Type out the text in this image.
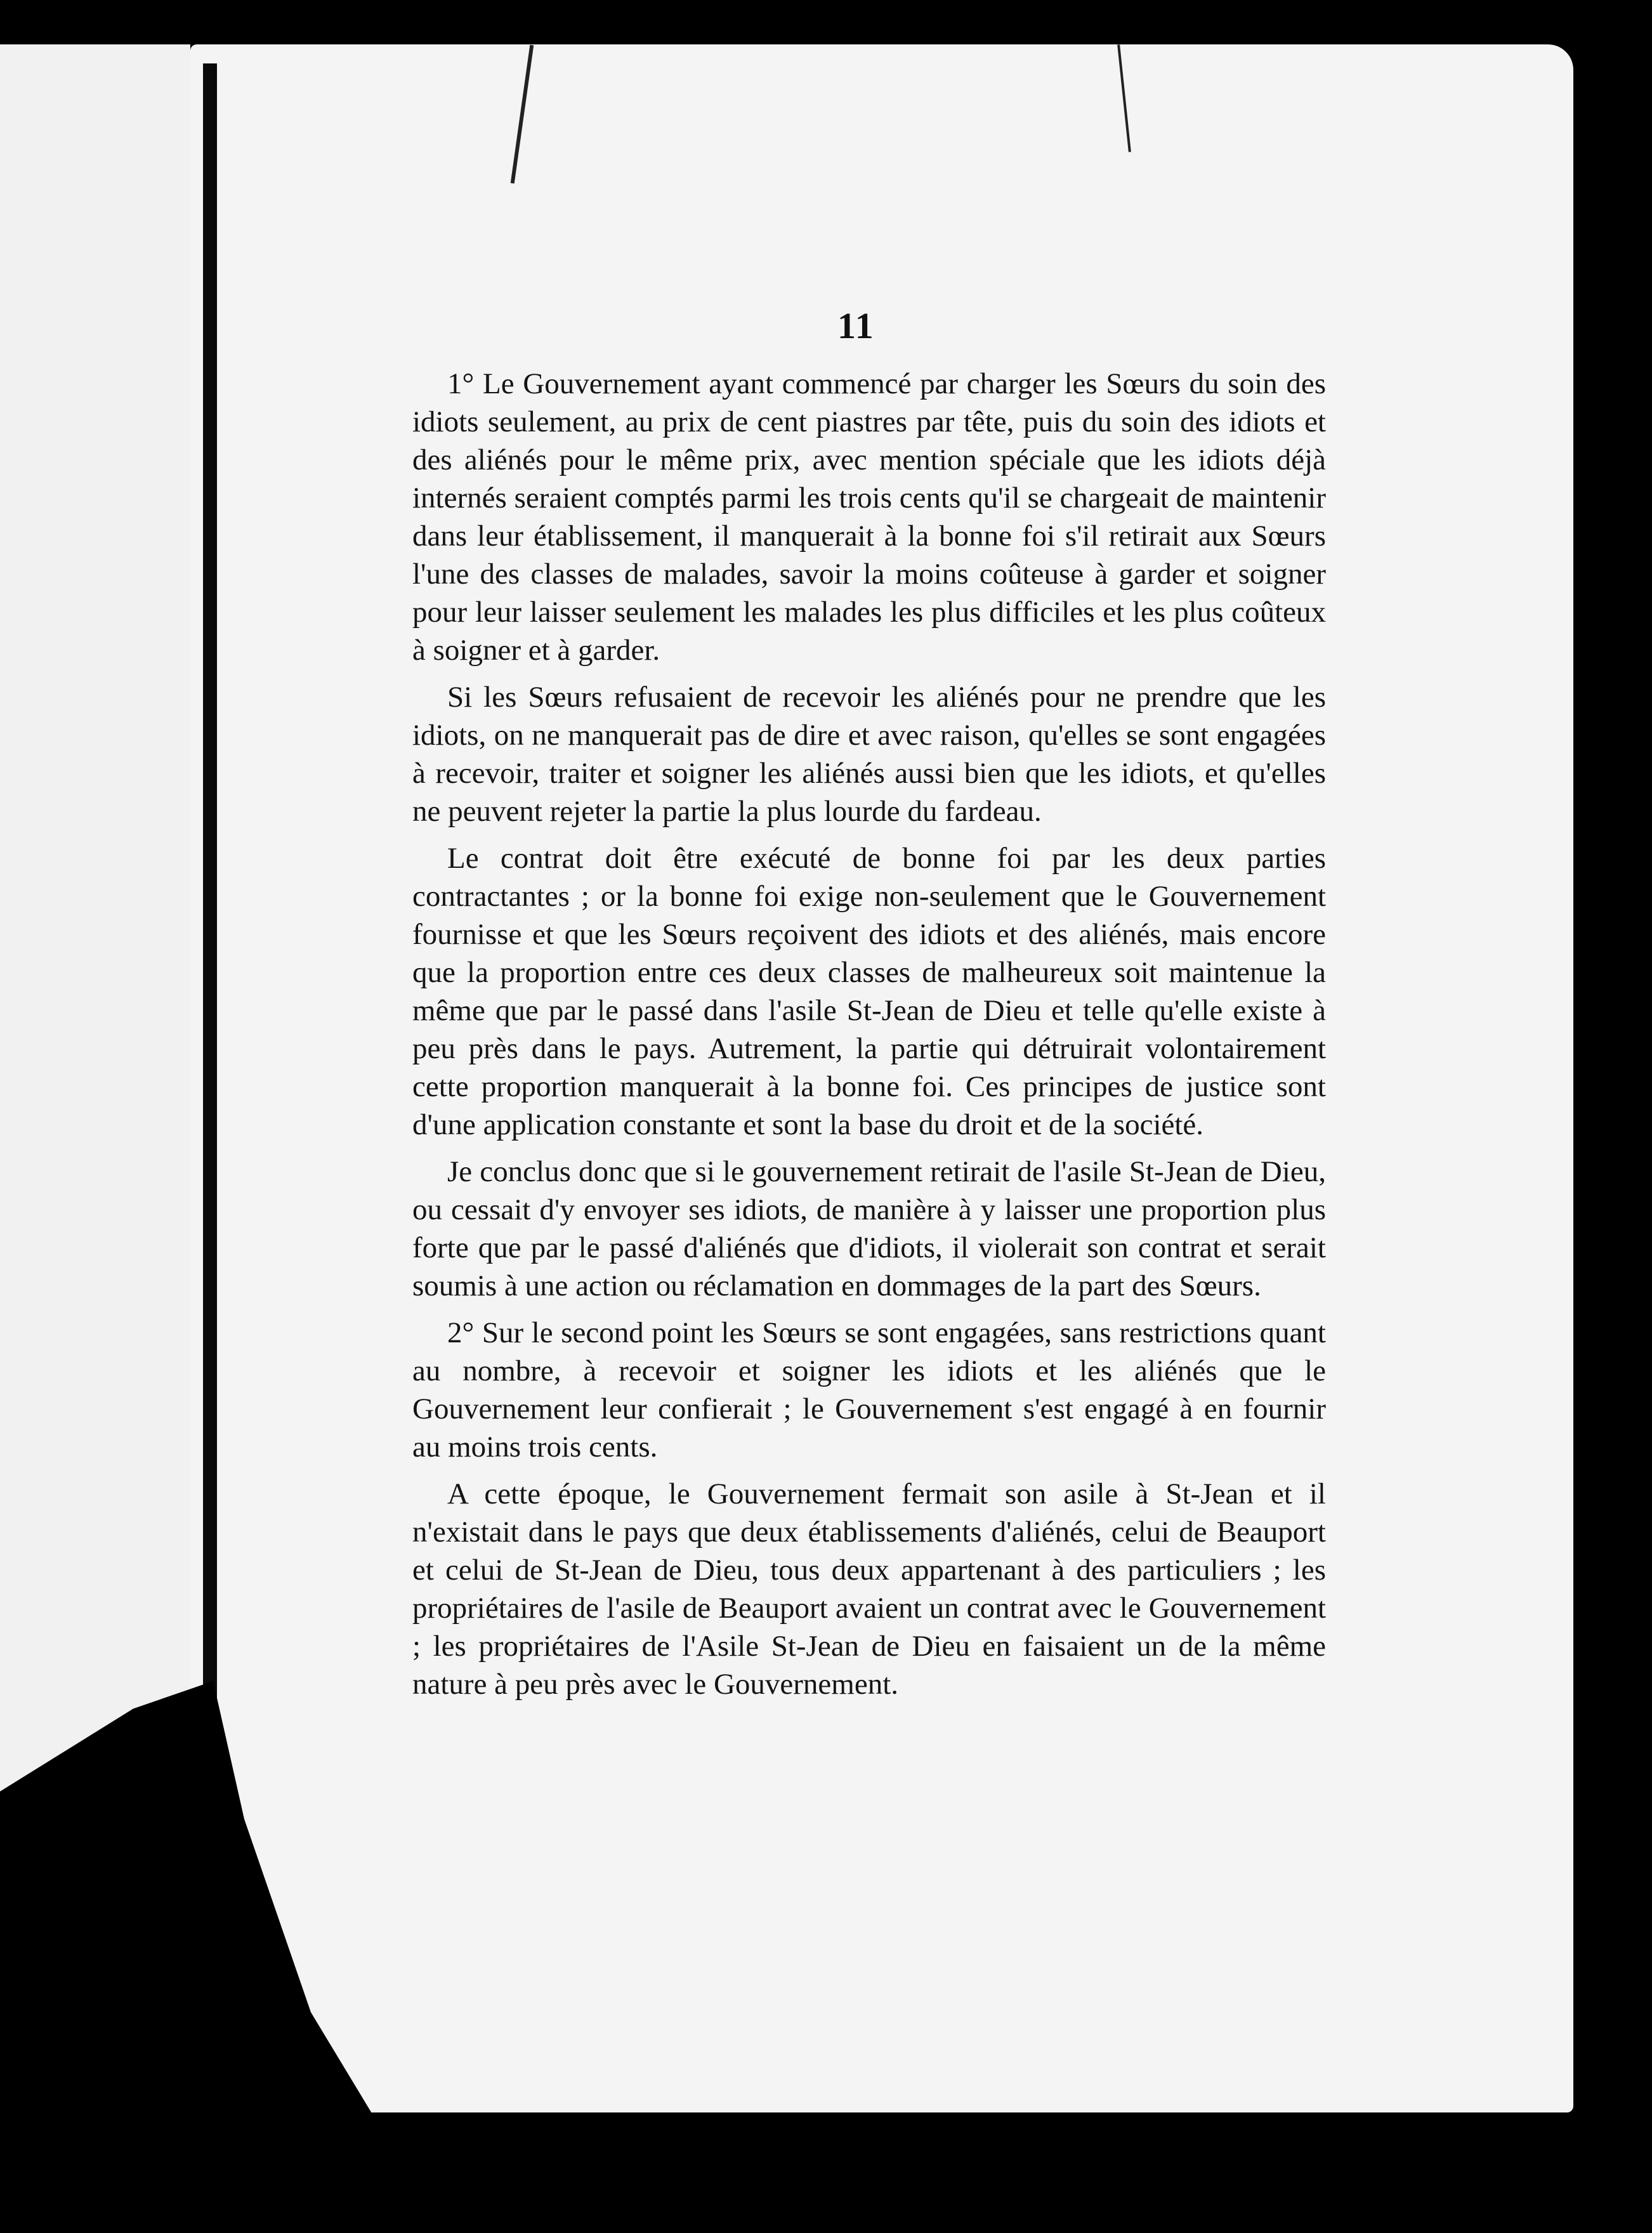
11

1° Le Gouvernement ayant commencé par charger les Sœurs du soin des idiots seulement, au prix de cent piastres par tête, puis du soin des idiots et des aliénés pour le même prix, avec mention spéciale que les idiots déjà internés seraient comptés parmi les trois cents qu'il se chargeait de maintenir dans leur établissement, il manquerait à la bonne foi s'il retirait aux Sœurs l'une des classes de malades, savoir la moins coûteuse à garder et soigner pour leur laisser seulement les malades les plus difficiles et les plus coûteux à soigner et à garder.

Si les Sœurs refusaient de recevoir les aliénés pour ne prendre que les idiots, on ne manquerait pas de dire et avec raison, qu'elles se sont engagées à recevoir, traiter et soigner les aliénés aussi bien que les idiots, et qu'elles ne peuvent rejeter la partie la plus lourde du fardeau.

Le contrat doit être exécuté de bonne foi par les deux parties contractantes ; or la bonne foi exige non-seulement que le Gouvernement fournisse et que les Sœurs reçoivent des idiots et des aliénés, mais encore que la proportion entre ces deux classes de malheureux soit maintenue la même que par le passé dans l'asile St-Jean de Dieu et telle qu'elle existe à peu près dans le pays. Autrement, la partie qui détruirait volontairement cette proportion manquerait à la bonne foi. Ces principes de justice sont d'une application constante et sont la base du droit et de la société.

Je conclus donc que si le gouvernement retirait de l'asile St-Jean de Dieu, ou cessait d'y envoyer ses idiots, de manière à y laisser une proportion plus forte que par le passé d'aliénés que d'idiots, il violerait son contrat et serait soumis à une action ou réclamation en dommages de la part des Sœurs.

2° Sur le second point les Sœurs se sont engagées, sans restrictions quant au nombre, à recevoir et soigner les idiots et les aliénés que le Gouvernement leur confierait ; le Gouvernement s'est engagé à en fournir au moins trois cents.

A cette époque, le Gouvernement fermait son asile à St-Jean et il n'existait dans le pays que deux établissements d'aliénés, celui de Beauport et celui de St-Jean de Dieu, tous deux appartenant à des particuliers ; les propriétaires de l'asile de Beauport avaient un contrat avec le Gouvernement ; les propriétaires de l'Asile St-Jean de Dieu en faisaient un de la même nature à peu près avec le Gouvernement.
